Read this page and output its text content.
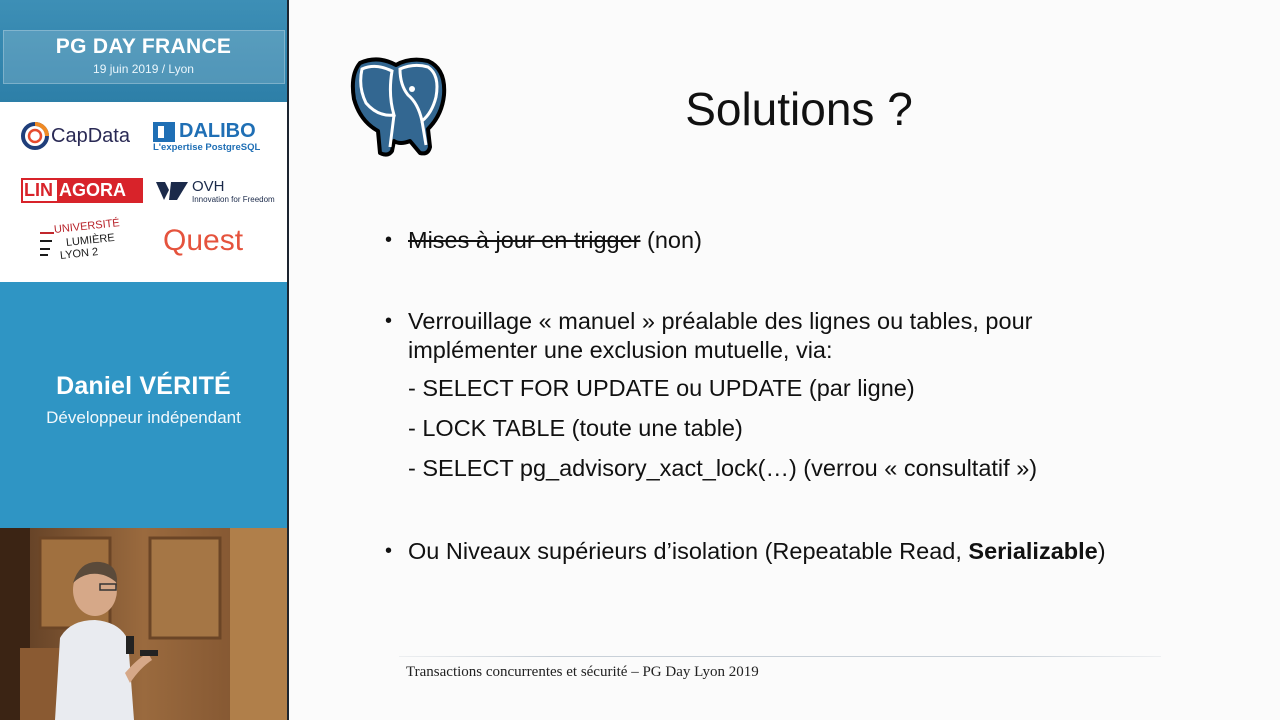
PG DAY FRANCE
19 juin 2019 / Lyon
CapData DALIBO
L'expertise PostgreSQL
LIN AGORA	OVH
Innovation for Freedom
UNIVERSITÉ
LUMIÈRE
LYON 2 Quest
Daniel VÉRITÉ
Développeur indépendant
Solutions ?
• Mises à jour en trigger (non)
• Verrouillage « manuel » préalable des lignes ou tables, pour
implémenter une exclusion mutuelle, via:
- SELECT FOR UPDATE ou UPDATE (par ligne)
- LOCK TABLE (toute une table)
- SELECT pg_advisory_xact_lock(…) (verrou « consultatif »)
• Ou Niveaux supérieurs d’isolation (Repeatable Read, Serializable)
Transactions concurrentes et sécurité – PG Day Lyon 2019
